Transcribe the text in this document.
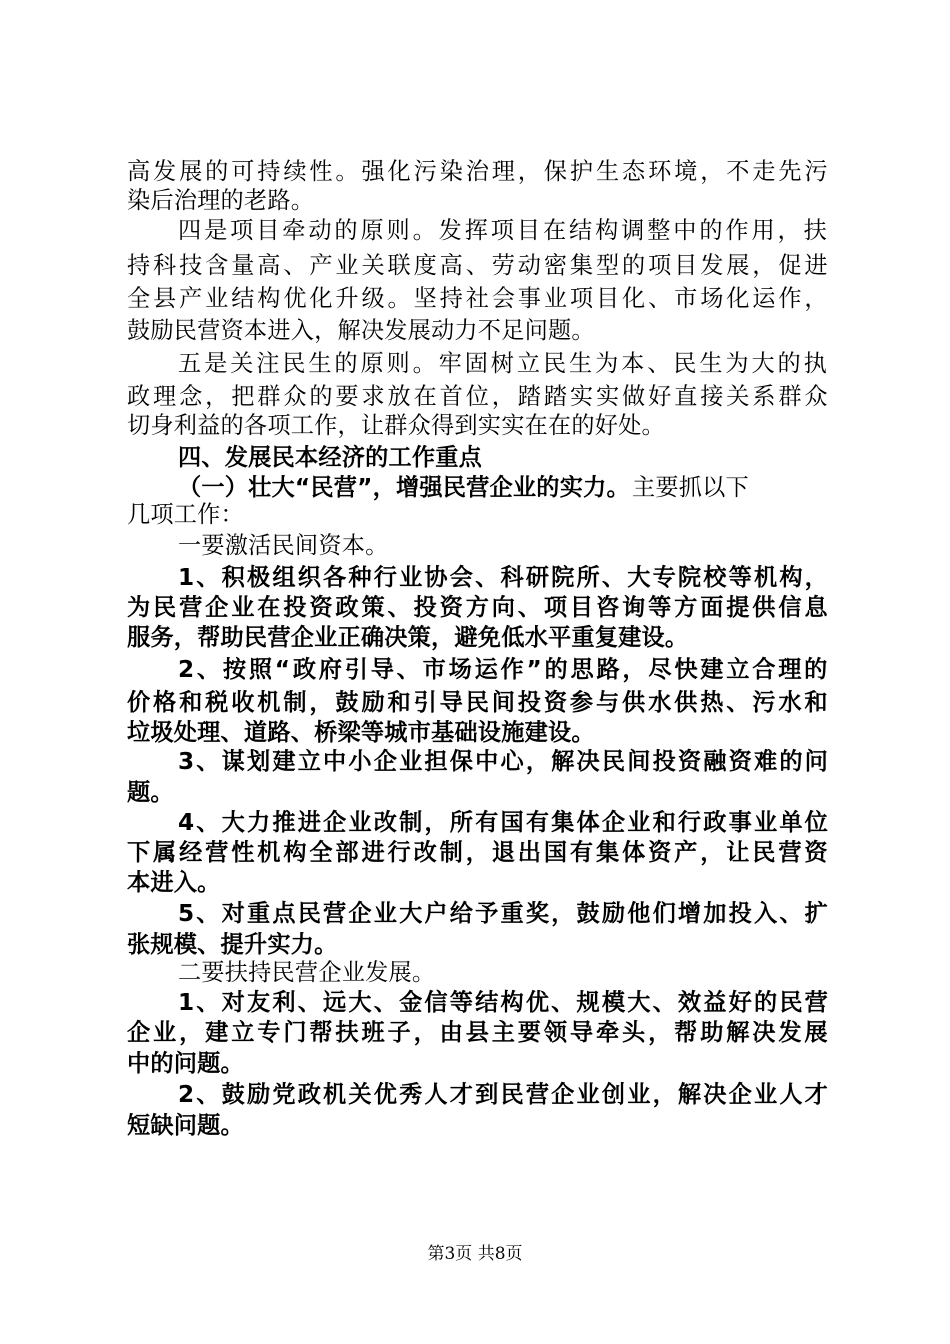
第3页 共8页
高发展的可持续性。强化污染治理，保护生态环境，不走先污
染后治理的老路。
四是项目牵动的原则。发挥项目在结构调整中的作用，扶
持科技含量高、产业关联度高、劳动密集型的项目发展，促进
全县产业结构优化升级。坚持社会事业项目化、市场化运作，
鼓励民营资本进入，解决发展动力不足问题。
五是关注民生的原则。牢固树立民生为本、民生为大的执
政理念，把群众的要求放在首位，踏踏实实做好直接关系群众
切身利益的各项工作，让群众得到实实在在的好处。
四、发展民本经济的工作重点
（一）壮大“民营”，增强民营企业的实力。 主要抓以下
几项工作：
一要激活民间资本。
1、积极组织各种行业协会、科研院所、大专院校等机构，
为民营企业在投资政策、投资方向、项目咨询等方面提供信息
服务，帮助民营企业正确决策，避免低水平重复建设。
2、按照“政府引导、市场运作”的思路，尽快建立合理的
价格和税收机制，鼓励和引导民间投资参与供水供热、污水和
垃圾处理、道路、桥梁等城市基础设施建设。
3、谋划建立中小企业担保中心，解决民间投资融资难的问
题。
4、大力推进企业改制，所有国有集体企业和行政事业单位
下属经营性机构全部进行改制，退出国有集体资产，让民营资
本进入。
5、对重点民营企业大户给予重奖，鼓励他们增加投入、扩
张规模、提升实力。
二要扶持民营企业发展。
1、对友利、远大、金信等结构优、规模大、效益好的民营
企业，建立专门帮扶班子，由县主要领导牵头，帮助解决发展
中的问题。
2、鼓励党政机关优秀人才到民营企业创业，解决企业人才
短缺问题。
